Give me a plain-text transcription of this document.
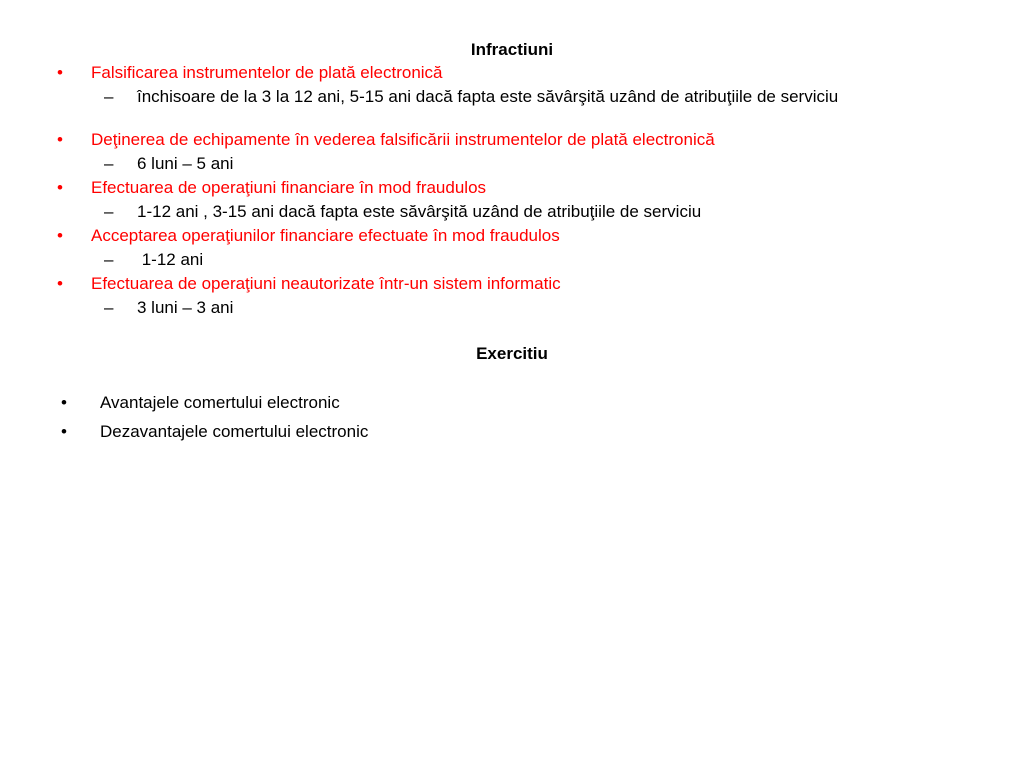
Infractiuni
• Falsificarea instrumentelor de plată electronică
– închisoare de la 3 la 12 ani, 5-15 ani dacă fapta este săvârşită uzând de atribuţiile de serviciu
• Deţinerea de echipamente în vederea falsificării instrumentelor de plată electronică
– 6 luni – 5 ani
• Efectuarea de operaţiuni financiare în mod fraudulos
– 1-12 ani , 3-15 ani dacă fapta este săvârşită uzând de atribuţiile de serviciu
• Acceptarea operaţiunilor financiare efectuate în mod fraudulos
– 1-12 ani
• Efectuarea de operaţiuni neautorizate într-un sistem informatic
– 3 luni – 3 ani
Exercitiu
• Avantajele comertului electronic
• Dezavantajele comertului electronic
